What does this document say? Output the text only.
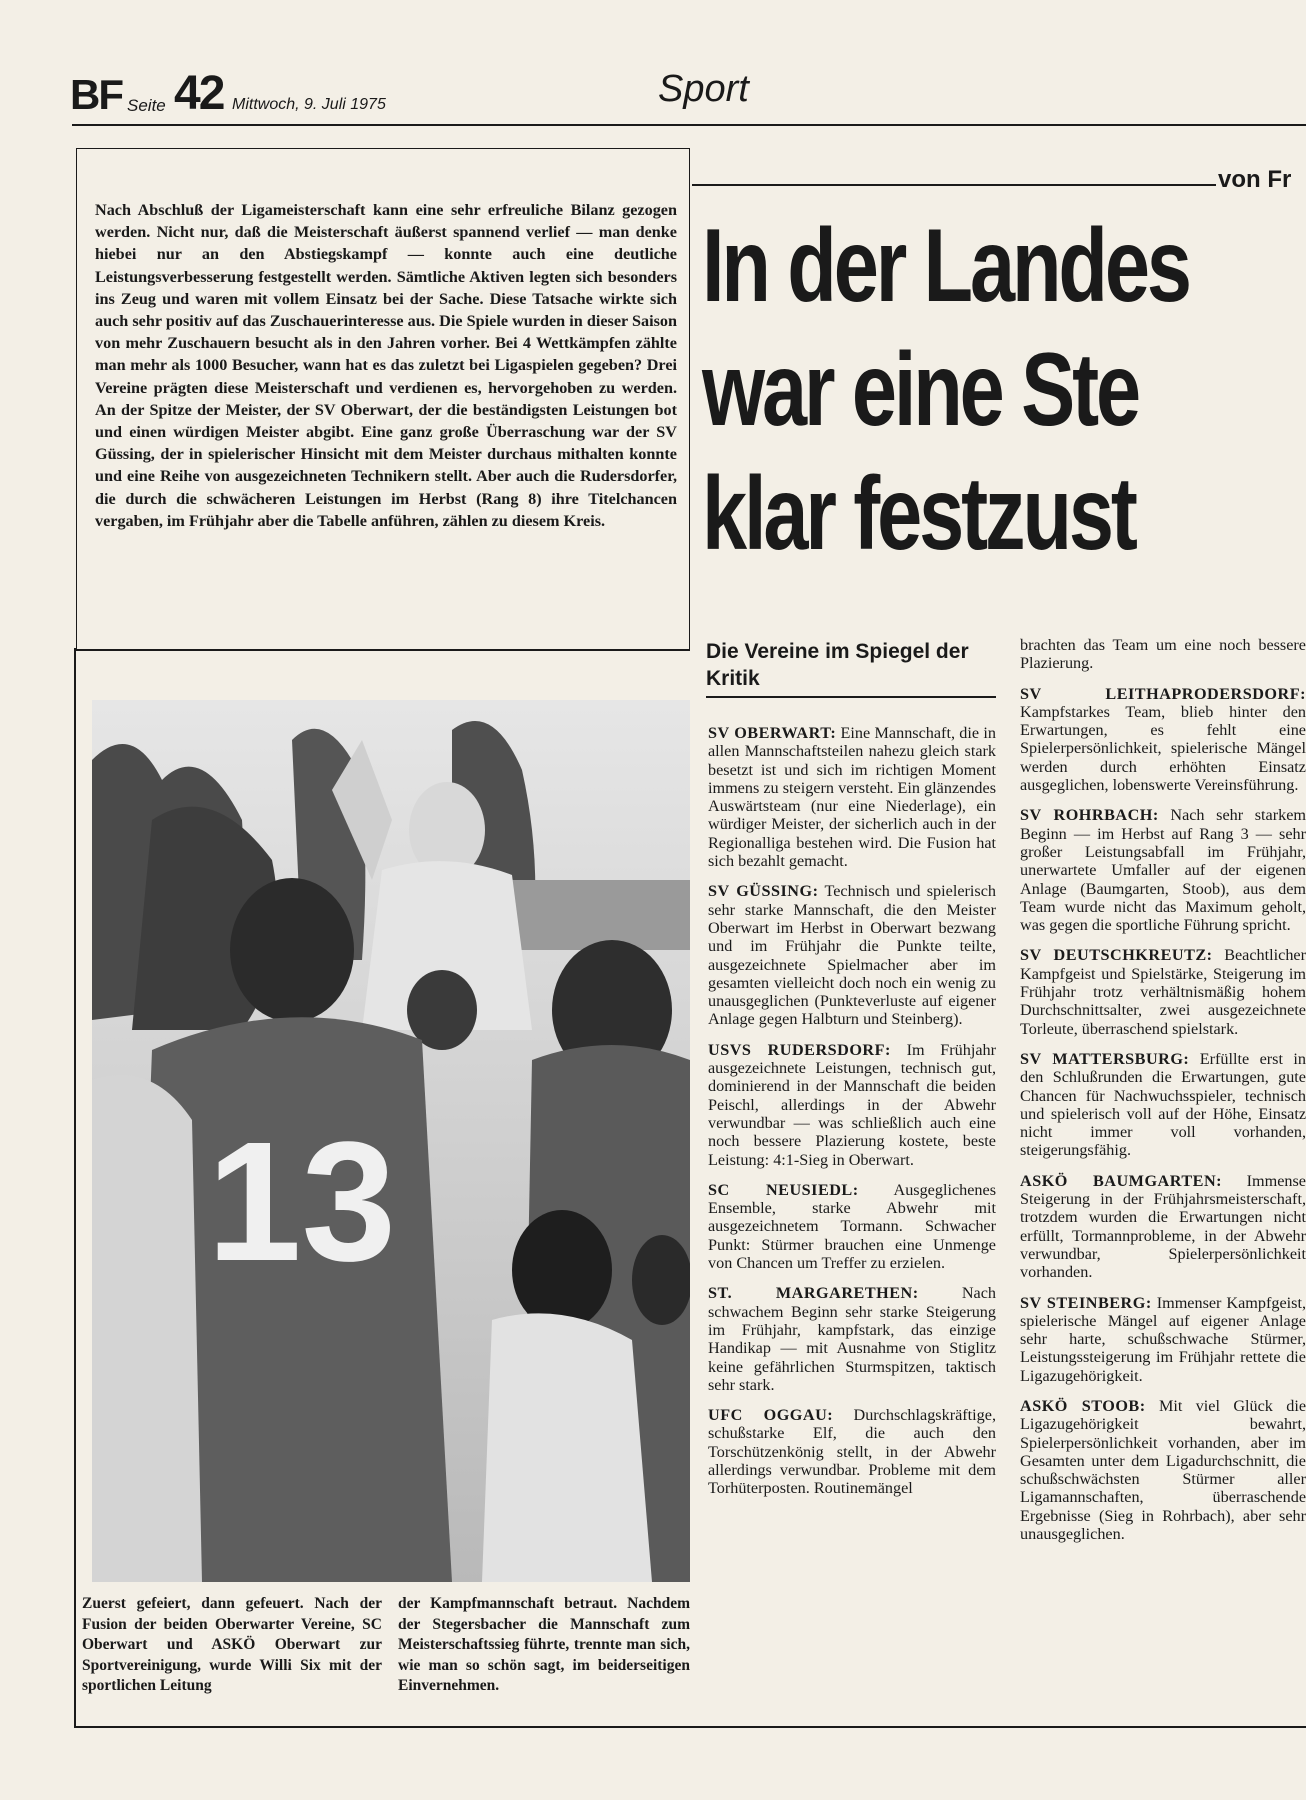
BF Seite 42 Mittwoch, 9. Juli 1975	Sport
Nach Abschluß der Ligameisterschaft kann eine sehr erfreuliche Bilanz gezogen werden. Nicht nur, daß die Meisterschaft äußerst spannend verlief — man denke hiebei nur an den Abstiegskampf — konnte auch eine deutliche Leistungsverbesserung festgestellt werden. Sämtliche Aktiven legten sich besonders ins Zeug und waren mit vollem Einsatz bei der Sache. Diese Tatsache wirkte sich auch sehr positiv auf das Zuschauerinteresse aus. Die Spiele wurden in dieser Saison von mehr Zuschauern besucht als in den Jahren vorher. Bei 4 Wettkämpfen zählte man mehr als 1000 Besucher, wann hat es das zuletzt bei Ligaspielen gegeben? Drei Vereine prägten diese Meisterschaft und verdienen es, hervorgehoben zu werden. An der Spitze der Meister, der SV Oberwart, der die beständigsten Leistungen bot und einen würdigen Meister abgibt. Eine ganz große Überraschung war der SV Güssing, der in spielerischer Hinsicht mit dem Meister durchaus mithalten konnte und eine Reihe von ausgezeichneten Technikern stellt. Aber auch die Rudersdorfer, die durch die schwächeren Leistungen im Herbst (Rang 8) ihre Titelchancen vergaben, im Frühjahr aber die Tabelle anführen, zählen zu diesem Kreis.
von Fr
In der Landes
war eine Ste
klar festzust
13
Zuerst gefeiert, dann gefeuert. Nach der Fusion der beiden Oberwarter Vereine, SC Oberwart und ASKÖ Oberwart zur Sportvereinigung, wurde Willi Six mit der sportlichen Leitung
der Kampfmannschaft betraut. Nachdem der Stegersbacher die Mannschaft zum Meisterschaftssieg führte, trennte man sich, wie man so schön sagt, im beiderseitigen Einvernehmen.
Die Vereine im Spiegel der Kritik

SV OBERWART: Eine Mannschaft, die in allen Mannschaftsteilen nahezu gleich stark besetzt ist und sich im richtigen Moment immens zu steigern versteht. Ein glänzendes Auswärtsteam (nur eine Niederlage), ein würdiger Meister, der sicherlich auch in der Regionalliga bestehen wird. Die Fusion hat sich bezahlt gemacht.

SV GÜSSING: Technisch und spielerisch sehr starke Mannschaft, die den Meister Oberwart im Herbst in Oberwart bezwang und im Frühjahr die Punkte teilte, ausgezeichnete Spielmacher aber im gesamten vielleicht doch noch ein wenig zu unausgeglichen (Punkteverluste auf eigener Anlage gegen Halbturn und Steinberg).

USVS RUDERSDORF: Im Frühjahr ausgezeichnete Leistungen, technisch gut, dominierend in der Mannschaft die beiden Peischl, allerdings in der Abwehr verwundbar — was schließlich auch eine noch bessere Plazierung kostete, beste Leistung: 4:1-Sieg in Oberwart.

SC NEUSIEDL: Ausgeglichenes Ensemble, starke Abwehr mit ausgezeichnetem Tormann. Schwacher Punkt: Stürmer brauchen eine Unmenge von Chancen um Treffer zu erzielen.

ST. MARGARETHEN:	Nach schwachem Beginn sehr starke Steigerung im Frühjahr, kampfstark, das einzige Handikap — mit Ausnahme von Stiglitz keine gefährlichen Sturmspitzen, taktisch sehr stark.

UFC OGGAU: Durchschlagskräftige, schußstarke Elf, die auch den Torschützenkönig stellt, in der Abwehr allerdings verwundbar. Probleme mit dem Torhüterposten. Routinemängel

brachten das Team um eine noch bessere Plazierung.

SV LEITHAPRODERSDORF: Kampfstarkes Team, blieb hinter den Erwartungen, es fehlt eine Spielerpersönlichkeit, spielerische Mängel werden durch erhöhten Einsatz ausgeglichen, lobenswerte Vereinsführung.

SV ROHRBACH: Nach sehr starkem Beginn — im Herbst auf Rang 3 — sehr großer Leistungsabfall im Frühjahr, unerwartete Umfaller auf der eigenen Anlage (Baumgarten, Stoob), aus dem Team wurde nicht das Maximum geholt, was gegen die sportliche Führung spricht.

SV DEUTSCHKREUTZ: Beachtlicher Kampfgeist und Spielstärke, Steigerung im Frühjahr trotz verhältnismäßig hohem Durchschnittsalter, zwei ausgezeichnete Torleute, überraschend spielstark.

SV MATTERSBURG: Erfüllte erst in den Schlußrunden die Erwartungen, gute Chancen für Nachwuchsspieler, technisch und spielerisch voll auf der Höhe, Einsatz nicht immer voll vorhanden, steigerungsfähig.

ASKÖ BAUMGARTEN: Immense Steigerung in der Frühjahrsmeisterschaft, trotzdem wurden die Erwartungen nicht erfüllt, Tormannprobleme, in der Abwehr verwundbar, Spielerpersönlichkeit vorhanden.

SV STEINBERG: Immenser Kampfgeist, spielerische Mängel auf eigener Anlage sehr harte, schußschwache Stürmer, Leistungssteigerung im Frühjahr rettete die Ligazugehörigkeit.

ASKÖ STOOB: Mit viel Glück die Ligazugehörigkeit bewahrt, Spielerpersönlichkeit vorhanden, aber im Gesamten unter dem Ligadurchschnitt, die schußschwächsten Stürmer aller Ligamannschaften, überraschende Ergebnisse (Sieg in Rohrbach), aber sehr unausgeglichen.
